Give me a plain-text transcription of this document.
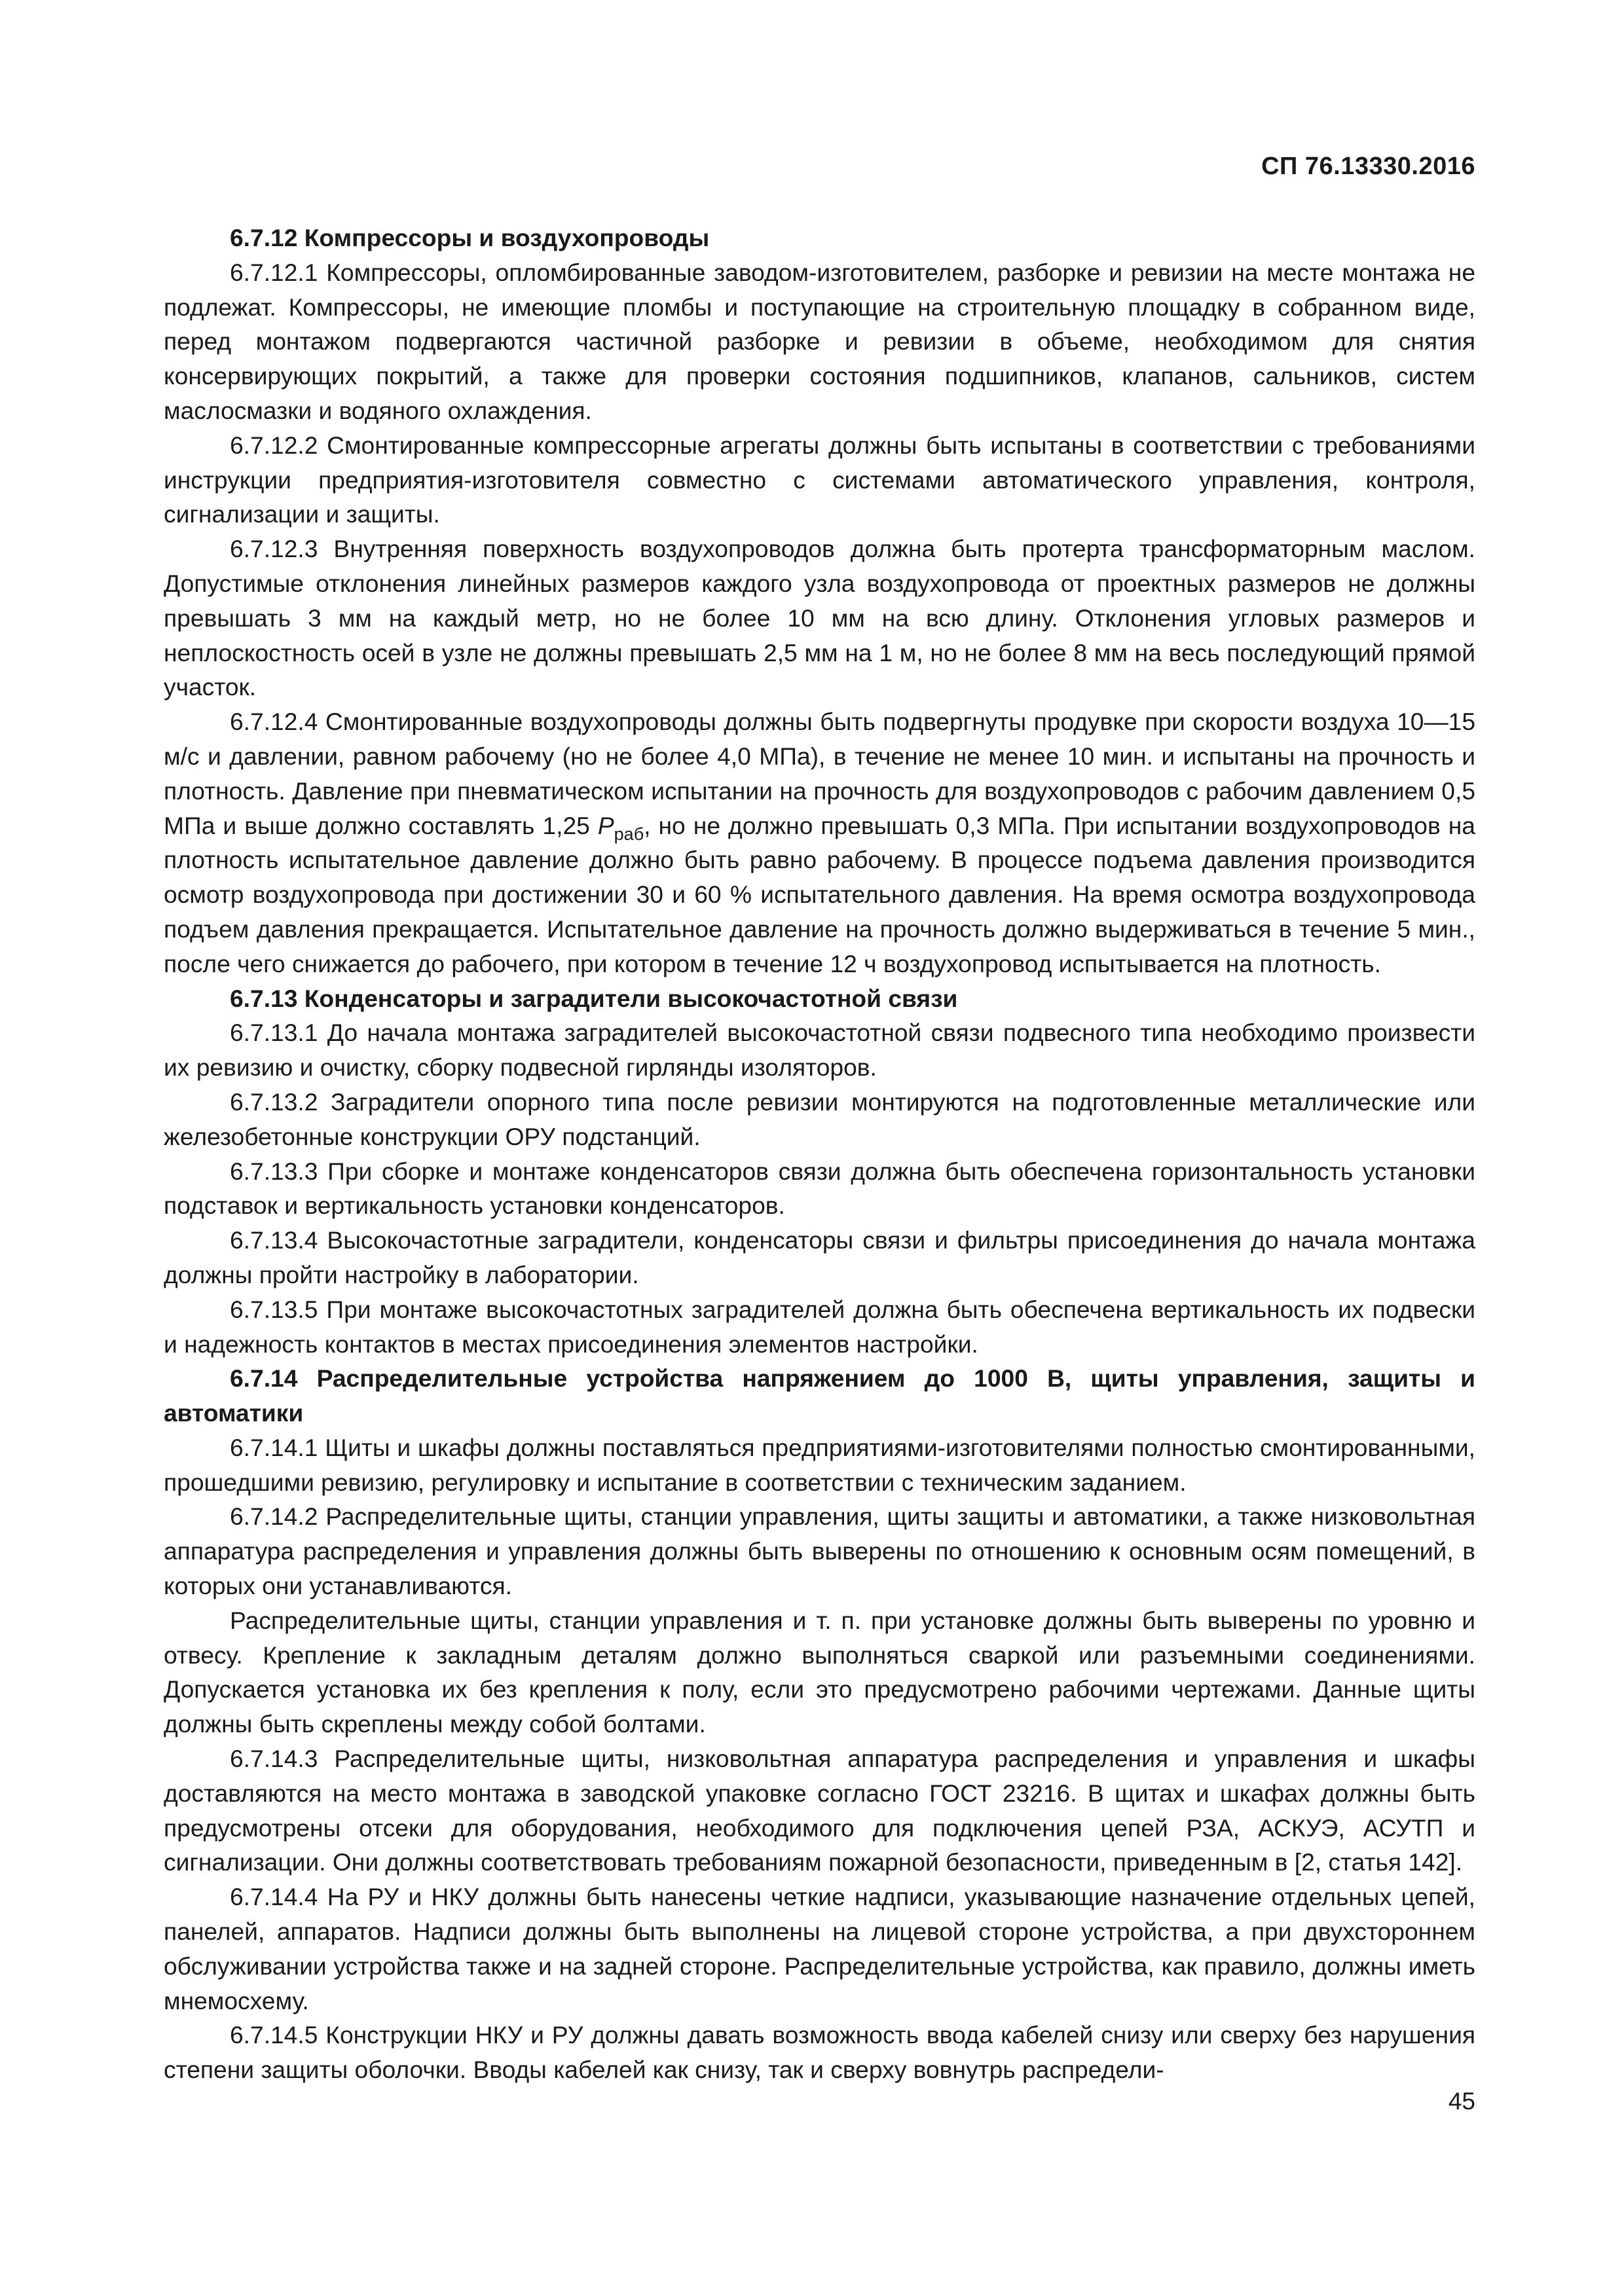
СП 76.13330.2016

6.7.12 Компрессоры и воздухопроводы

6.7.12.1 Компрессоры, опломбированные заводом-изготовителем, разборке и ревизии на месте монтажа не подлежат. Компрессоры, не имеющие пломбы и поступающие на строительную площадку в собранном виде, перед монтажом подвергаются частичной разборке и ревизии в объеме, необходимом для снятия консервирующих покрытий, а также для проверки состояния подшипников, клапанов, сальников, систем маслосмазки и водяного охлаждения.

6.7.12.2 Смонтированные компрессорные агрегаты должны быть испытаны в соответствии с требованиями инструкции предприятия-изготовителя совместно с системами автоматического управления, контроля, сигнализации и защиты.

6.7.12.3 Внутренняя поверхность воздухопроводов должна быть протерта трансформаторным маслом. Допустимые отклонения линейных размеров каждого узла воздухопровода от проектных размеров не должны превышать 3 мм на каждый метр, но не более 10 мм на всю длину. Отклонения угловых размеров и неплоскостность осей в узле не должны превышать 2,5 мм на 1 м, но не более 8 мм на весь последующий прямой участок.

6.7.12.4 Смонтированные воздухопроводы должны быть подвергнуты продувке при скорости воздуха 10—15 м/с и давлении, равном рабочему (но не более 4,0 МПа), в течение не менее 10 мин. и испытаны на прочность и плотность. Давление при пневматическом испытании на прочность для воздухопроводов с рабочим давлением 0,5 МПа и выше должно составлять 1,25 $P_{раб}$, но не должно превышать 0,3 МПа. При испытании воздухопроводов на плотность испытательное давление должно быть равно рабочему. В процессе подъема давления производится осмотр воздухопровода при достижении 30 и 60 % испытательного давления. На время осмотра воздухопровода подъем давления прекращается. Испытательное давление на прочность должно выдерживаться в течение 5 мин., после чего снижается до рабочего, при котором в течение 12 ч воздухопровод испытывается на плотность.

6.7.13 Конденсаторы и заградители высокочастотной связи

6.7.13.1 До начала монтажа заградителей высокочастотной связи подвесного типа необходимо произвести их ревизию и очистку, сборку подвесной гирлянды изоляторов.

6.7.13.2 Заградители опорного типа после ревизии монтируются на подготовленные металлические или железобетонные конструкции ОРУ подстанций.

6.7.13.3 При сборке и монтаже конденсаторов связи должна быть обеспечена горизонтальность установки подставок и вертикальность установки конденсаторов.

6.7.13.4 Высокочастотные заградители, конденсаторы связи и фильтры присоединения до начала монтажа должны пройти настройку в лаборатории.

6.7.13.5 При монтаже высокочастотных заградителей должна быть обеспечена вертикальность их подвески и надежность контактов в местах присоединения элементов настройки.

6.7.14 Распределительные устройства напряжением до 1000 В, щиты управления, защиты и автоматики

6.7.14.1 Щиты и шкафы должны поставляться предприятиями-изготовителями полностью смонтированными, прошедшими ревизию, регулировку и испытание в соответствии с техническим заданием.

6.7.14.2 Распределительные щиты, станции управления, щиты защиты и автоматики, а также низковольтная аппаратура распределения и управления должны быть выверены по отношению к основным осям помещений, в которых они устанавливаются.

Распределительные щиты, станции управления и т. п. при установке должны быть выверены по уровню и отвесу. Крепление к закладным деталям должно выполняться сваркой или разъемными соединениями. Допускается установка их без крепления к полу, если это предусмотрено рабочими чертежами. Данные щиты должны быть скреплены между собой болтами.

6.7.14.3 Распределительные щиты, низковольтная аппаратура распределения и управления и шкафы доставляются на место монтажа в заводской упаковке согласно ГОСТ 23216. В щитах и шкафах должны быть предусмотрены отсеки для оборудования, необходимого для подключения цепей РЗА, АСКУЭ, АСУТП и сигнализации. Они должны соответствовать требованиям пожарной безопасности, приведенным в [2, статья 142].

6.7.14.4 На РУ и НКУ должны быть нанесены четкие надписи, указывающие назначение отдельных цепей, панелей, аппаратов. Надписи должны быть выполнены на лицевой стороне устройства, а при двухстороннем обслуживании устройства также и на задней стороне. Распределительные устройства, как правило, должны иметь мнемосхему.

6.7.14.5 Конструкции НКУ и РУ должны давать возможность ввода кабелей снизу или сверху без нарушения степени защиты оболочки. Вводы кабелей как снизу, так и сверху вовнутрь распредели-

45
